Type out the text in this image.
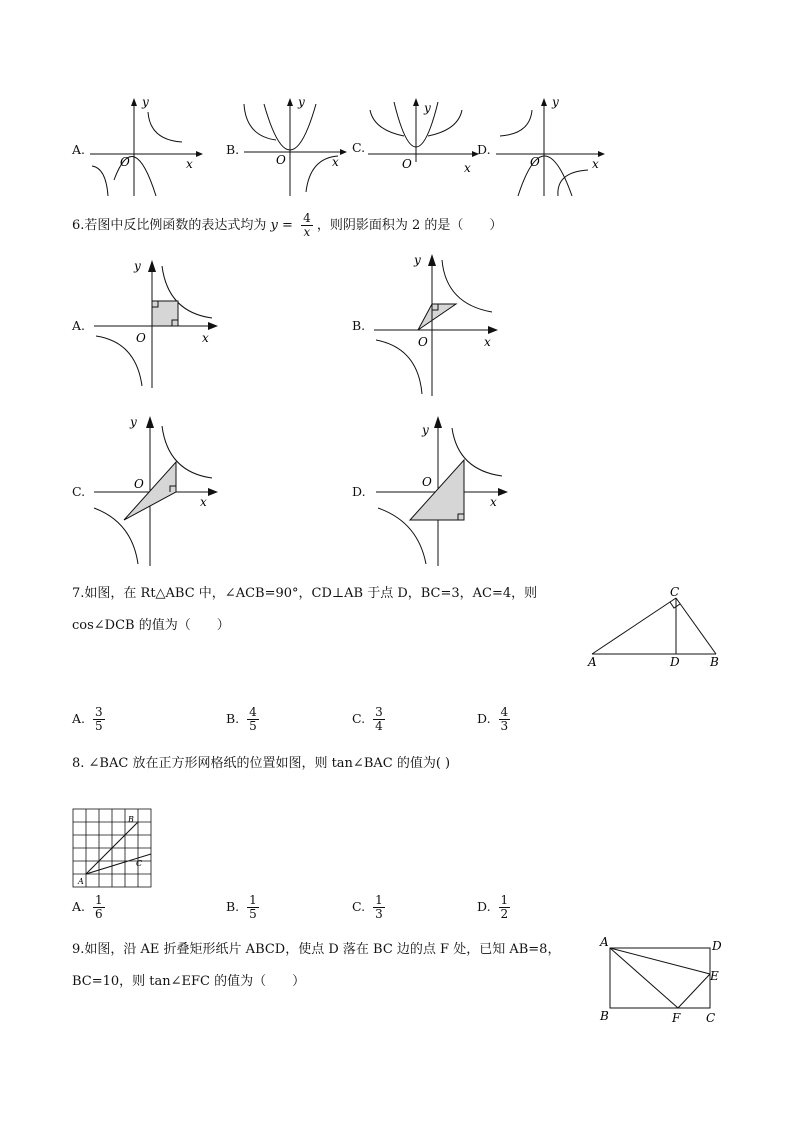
A.
y
x
O
B.
y
x
O
C.
y
x
O
D.
y
x
O
6.若图中反比例函数的表达式均为 $y = \frac{4}{x}$ ，则阴影面积为 2 的是（　　）
A.
y
x
O
B.
y
x
O
C.
y
x
O	D.
y
x
O
7.如图，在 Rt△ABC 中，∠ACB=90°，CD⊥AB 于点 D，BC=3，AC=4，则
cos∠DCB 的值为（　　）
A	B
C
D
A. $\frac{3}{5}$	B. $\frac{4}{5}$	C. $\frac{3}{4}$	D. $\frac{4}{3}$
8. ∠BAC 放在正方形网格纸的位置如图，则 tan∠BAC 的值为( )
A
B
C
A. $\frac{1}{6}$	B. $\frac{1}{5}$	C. $\frac{1}{3}$	D. $\frac{1}{2}$
9.如图，沿 AE 折叠矩形纸片 ABCD，使点 D 落在 BC 边的点 F 处，已知 AB=8，
BC=10，则 tan∠EFC 的值为（　　）
A	D
E
B	F C
